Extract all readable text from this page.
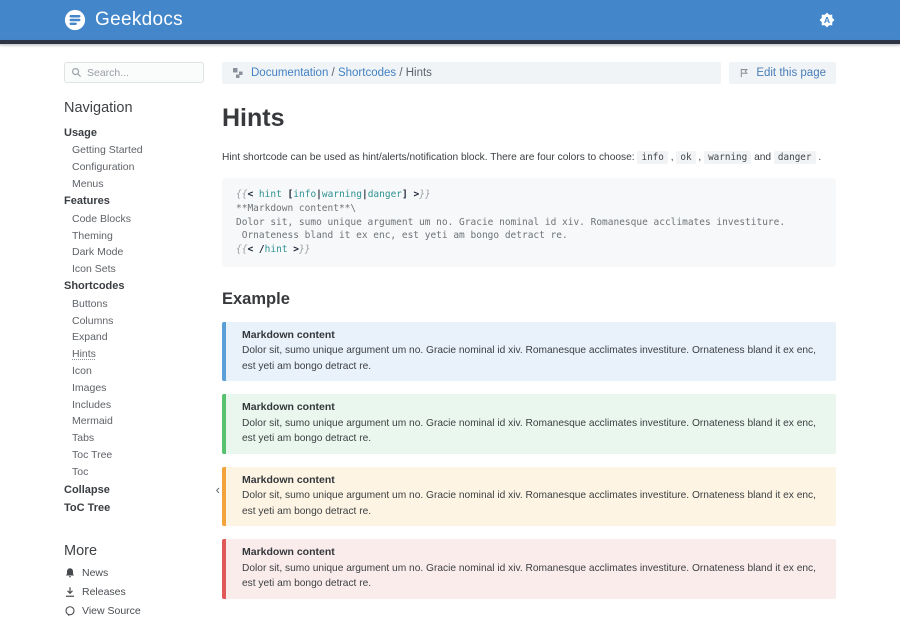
Geekdocs	A
Search...
Navigation
Usage
Getting Started
Configuration
Menus
Features
Code Blocks
Theming
Dark Mode
Icon Sets
Shortcodes
Buttons
Columns
Expand
Hints
Icon
Images
Includes
Mermaid
Tabs
Toc Tree
Toc
Collapse	‹
ToC Tree
More
News
Releases
View Source
Documentation / Shortcodes / Hints	Edit this page
Hints

Hint shortcode can be used as hint/alerts/notification block. There are four colors to choose: info , ok , warning and danger .

{{< hint [info|warning|danger] >}}
**Markdown content**\
Dolor sit, sumo unique argument um no. Gracie nominal id xiv. Romanesque acclimates investiture.
Ornateness bland it ex enc, est yeti am bongo detract re.
{{< /hint >}}
Example
Markdown content
Dolor sit, sumo unique argument um no. Gracie nominal id xiv. Romanesque acclimates investiture. Ornateness bland it ex enc, est yeti am bongo detract re.
Markdown content
Dolor sit, sumo unique argument um no. Gracie nominal id xiv. Romanesque acclimates investiture. Ornateness bland it ex enc, est yeti am bongo detract re.
Markdown content
Dolor sit, sumo unique argument um no. Gracie nominal id xiv. Romanesque acclimates investiture. Ornateness bland it ex enc, est yeti am bongo detract re.
Markdown content
Dolor sit, sumo unique argument um no. Gracie nominal id xiv. Romanesque acclimates investiture. Ornateness bland it ex enc, est yeti am bongo detract re.
